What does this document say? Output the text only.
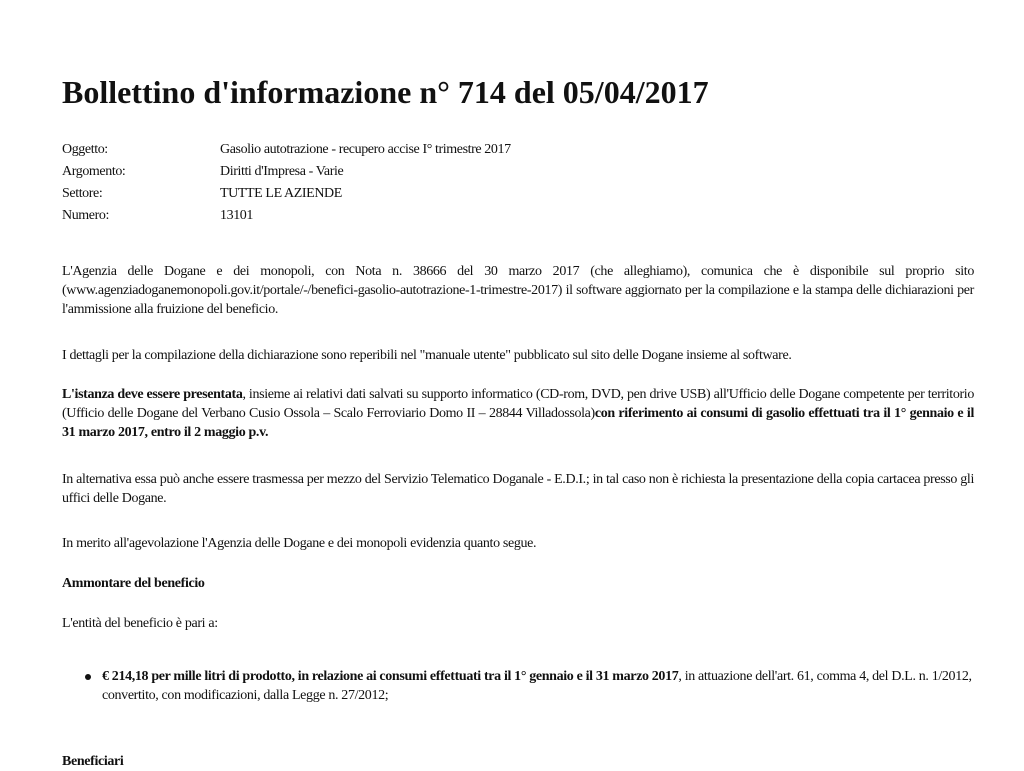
Bollettino d'informazione n° 714 del 05/04/2017
Oggetto:	Gasolio autotrazione - recupero accise I° trimestre 2017
Argomento:	Diritti d'Impresa - Varie
Settore:	TUTTE LE AZIENDE
Numero:	13101

L'Agenzia delle Dogane e dei monopoli, con Nota n. 38666 del 30 marzo 2017 (che alleghiamo), comunica che è disponibile sul proprio sito (www.agenziadoganemonopoli.gov.it/portale/-/benefici-gasolio-autotrazione-1-trimestre-2017) il software aggiornato per la compilazione e la stampa delle dichiarazioni per l'ammissione alla fruizione del beneficio.

I dettagli per la compilazione della dichiarazione sono reperibili nel "manuale utente" pubblicato sul sito delle Dogane insieme al software.

L'istanza deve essere presentata, insieme ai relativi dati salvati su supporto informatico (CD-rom, DVD, pen drive USB) all'Ufficio delle Dogane competente per territorio (Ufficio delle Dogane del Verbano Cusio Ossola – Scalo Ferroviario Domo II – 28844 Villadossola)con riferimento ai consumi di gasolio effettuati tra il 1° gennaio e il 31 marzo 2017, entro il 2 maggio p.v.

In alternativa essa può anche essere trasmessa per mezzo del Servizio Telematico Doganale - E.D.I.; in tal caso non è richiesta la presentazione della copia cartacea presso gli uffici delle Dogane.

In merito all'agevolazione l'Agenzia delle Dogane e dei monopoli evidenzia quanto segue.

Ammontare del beneficio

L'entità del beneficio è pari a:

€ 214,18 per mille litri di prodotto, in relazione ai consumi effettuati tra il 1° gennaio e il 31 marzo 2017, in attuazione dell'art. 61, comma 4, del D.L. n. 1/2012, convertito, con modificazioni, dalla Legge n. 27/2012;

Beneficiari
